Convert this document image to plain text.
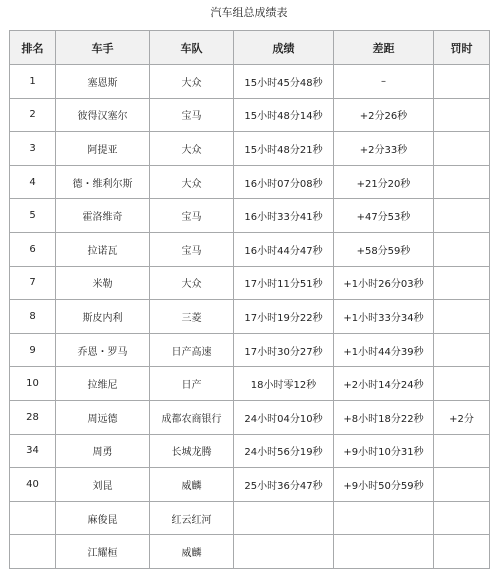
汽车组总成绩表
排名	车手	车队	成绩	差距	罚时
1	塞恩斯	大众	15小时45分48秒	–	
2	彼得汉塞尔	宝马	15小时48分14秒	+2分26秒	
3	阿提亚	大众	15小时48分21秒	+2分33秒	
4	德・维利尔斯	大众	16小时07分08秒	+21分20秒	
5	霍洛维奇	宝马	16小时33分41秒	+47分53秒	
6	拉诺瓦	宝马	16小时44分47秒	+58分59秒	
7	米勒	大众	17小时11分51秒	+1小时26分03秒	
8	斯皮内利	三菱	17小时19分22秒	+1小时33分34秒	
9	乔恩・罗马	日产高速	17小时30分27秒	+1小时44分39秒	
10	拉维尼	日产	18小时零12秒	+2小时14分24秒	
28	周远德	成都农商银行	24小时04分10秒	+8小时18分22秒	+2分
34	周勇	长城龙腾	24小时56分19秒	+9小时10分31秒	
40	刘昆	威麟	25小时36分47秒	+9小时50分59秒	
	麻俊昆	红云红河			
	江耀桓	威麟			
